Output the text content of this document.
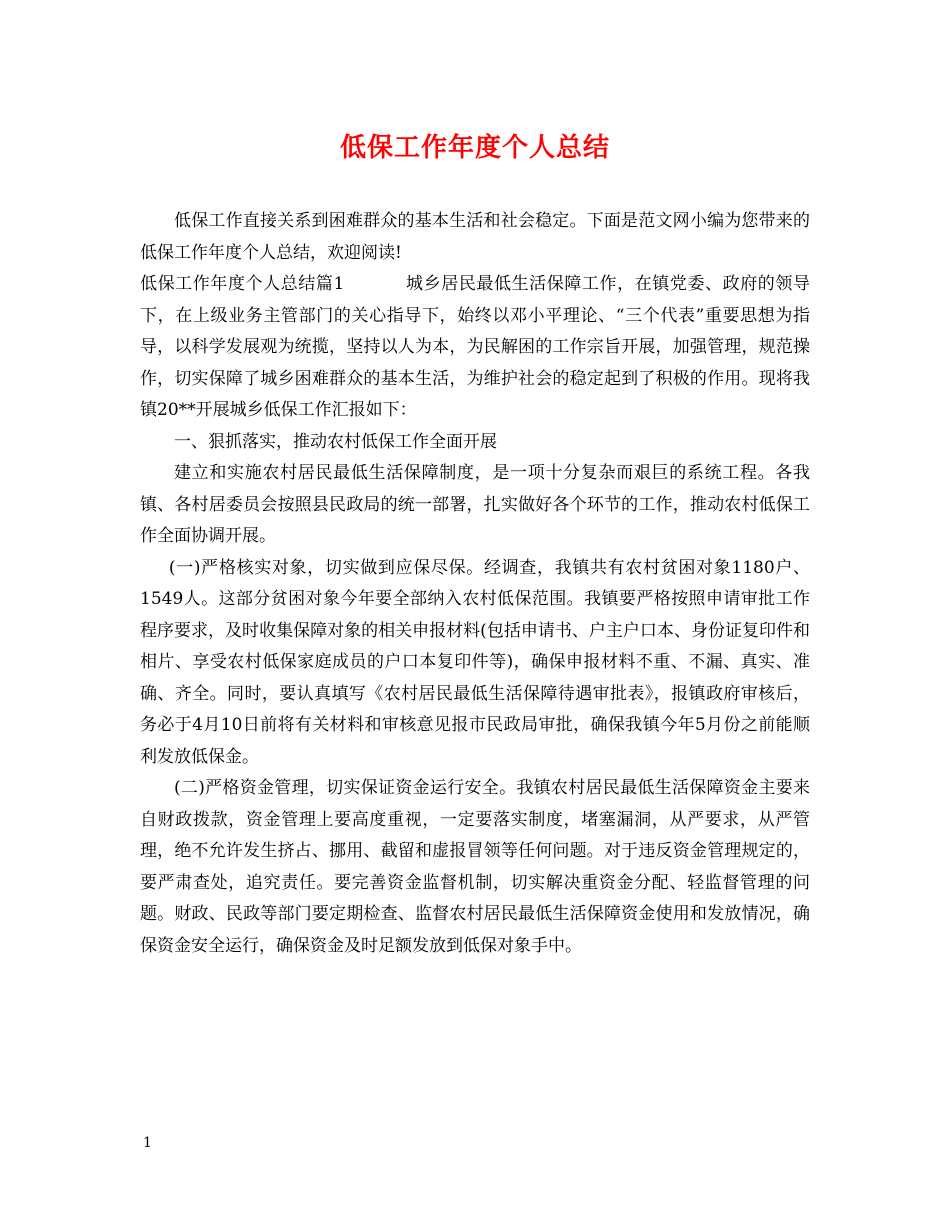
低保工作年度个人总结

低保工作直接关系到困难群众的基本生活和社会稳定。下面是范文网小编为您带来的低保工作年度个人总结，欢迎阅读!

低保工作年度个人总结篇1	城乡居民最低生活保障工作，在镇党委、政府的领导下，在上级业务主管部门的关心指导下，始终以邓小平理论、“三个代表”重要思想为指导，以科学发展观为统揽，坚持以人为本，为民解困的工作宗旨开展，加强管理，规范操作，切实保障了城乡困难群众的基本生活，为维护社会的稳定起到了积极的作用。现将我镇20**开展城乡低保工作汇报如下：

一、狠抓落实，推动农村低保工作全面开展

建立和实施农村居民最低生活保障制度，是一项十分复杂而艰巨的系统工程。各我镇、各村居委员会按照县民政局的统一部署，扎实做好各个环节的工作，推动农村低保工作全面协调开展。

(一)严格核实对象，切实做到应保尽保。经调查，我镇共有农村贫困对象1180户、1549人。这部分贫困对象今年要全部纳入农村低保范围。我镇要严格按照申请审批工作程序要求，及时收集保障对象的相关申报材料(包括申请书、户主户口本、身份证复印件和相片、享受农村低保家庭成员的户口本复印件等)，确保申报材料不重、不漏、真实、准确、齐全。同时，要认真填写《农村居民最低生活保障待遇审批表》，报镇政府审核后，务必于4月10日前将有关材料和审核意见报市民政局审批，确保我镇今年5月份之前能顺利发放低保金。

(二)严格资金管理，切实保证资金运行安全。我镇农村居民最低生活保障资金主要来自财政拨款，资金管理上要高度重视，一定要落实制度，堵塞漏洞，从严要求，从严管理，绝不允许发生挤占、挪用、截留和虚报冒领等任何问题。对于违反资金管理规定的，要严肃查处，追究责任。要完善资金监督机制，切实解决重资金分配、轻监督管理的问题。财政、民政等部门要定期检查、监督农村居民最低生活保障资金使用和发放情况，确保资金安全运行，确保资金及时足额发放到低保对象手中。

1
